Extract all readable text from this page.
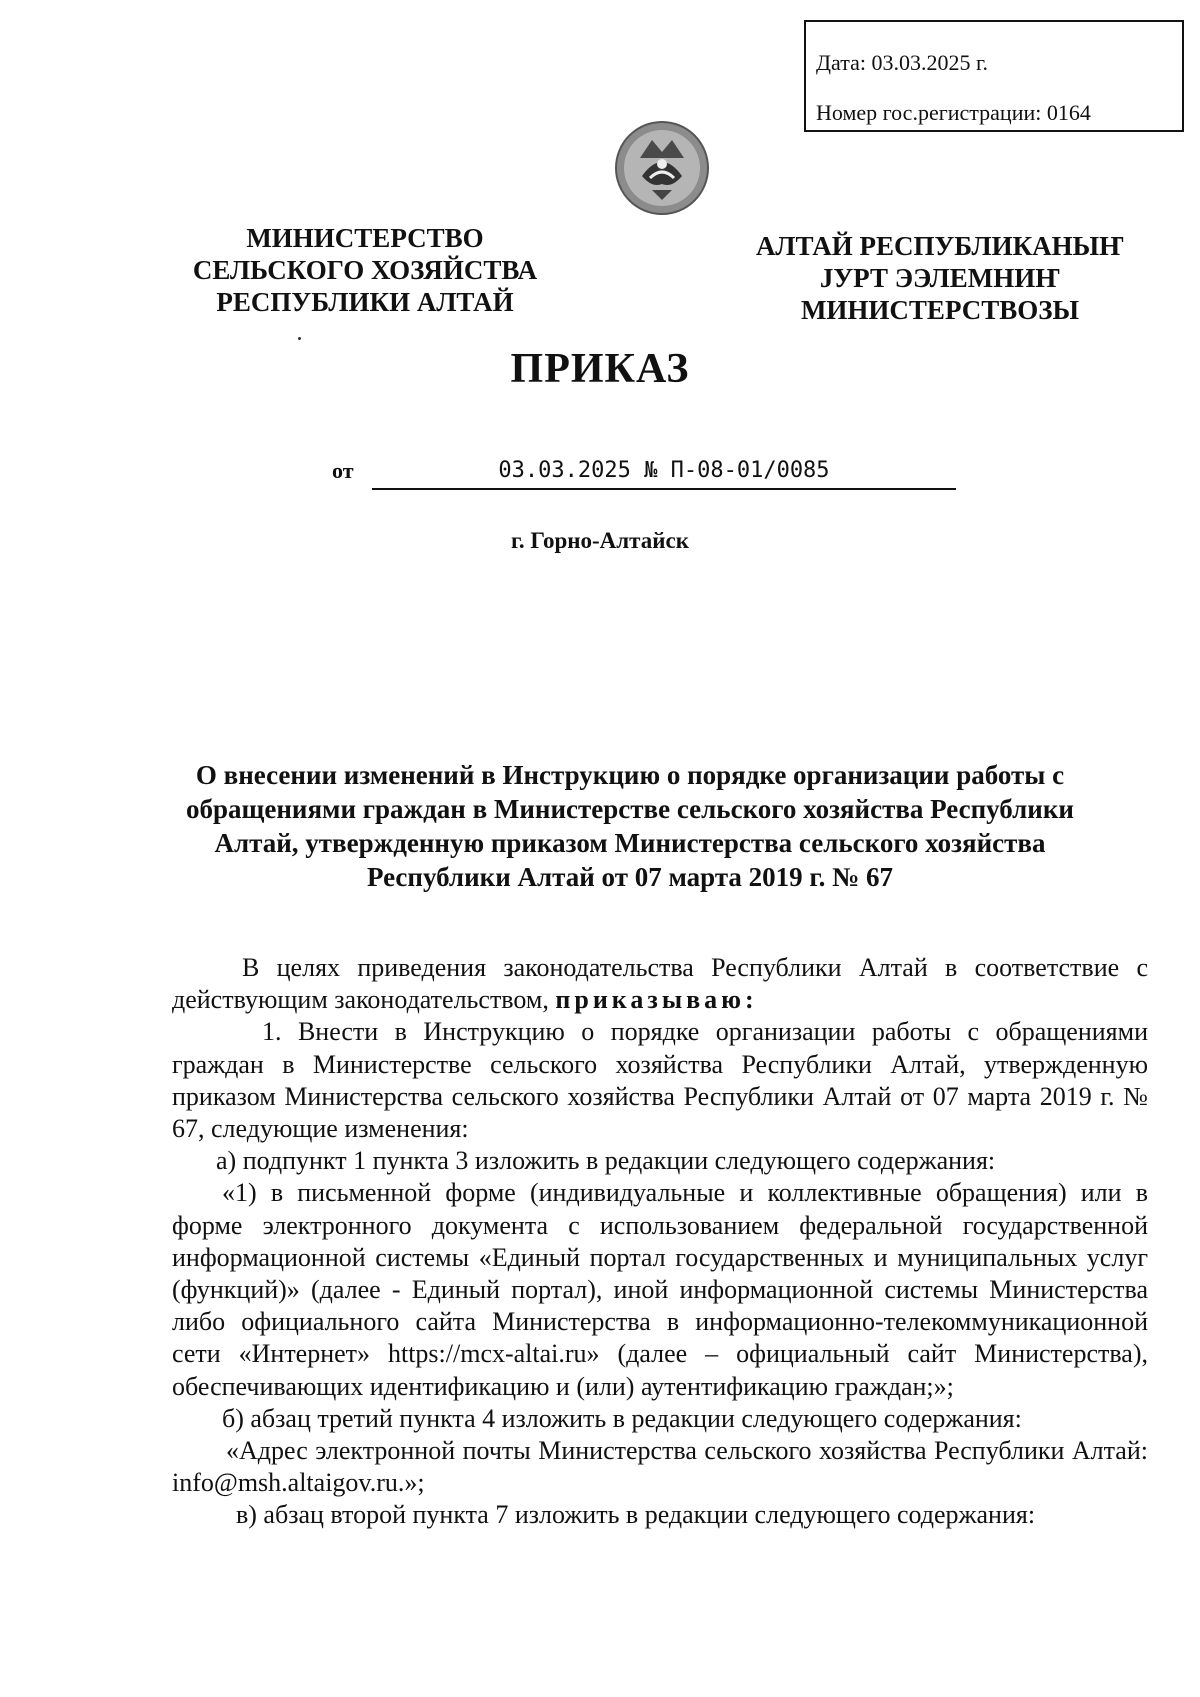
Дата: 03.03.2025 г.
Номер гос.регистрации: 0164
МИНИСТЕРСТВО
СЕЛЬСКОГО ХОЗЯЙСТВА
РЕСПУБЛИКИ АЛТАЙ
АЛТАЙ РЕСПУБЛИКАНЫҤ
ЈУРТ ЭЭЛЕМНИҤ
МИНИСТЕРСТВОЗЫ
ПРИКАЗ
от	03.03.2025 № П-08-01/0085
г. Горно-Алтайск
О внесении изменений в Инструкцию о порядке организации работы с обращениями граждан в Министерстве сельского хозяйства Республики Алтай, утвержденную приказом Министерства сельского хозяйства Республики Алтай от 07 марта 2019 г. № 67

В целях приведения законодательства Республики Алтай в соответствие с действующим законодательством, приказываю:

1. Внести в Инструкцию о порядке организации работы с обращениями граждан в Министерстве сельского хозяйства Республики Алтай, утвержденную приказом Министерства сельского хозяйства Республики Алтай от 07 марта 2019 г. № 67, следующие изменения:

а) подпункт 1 пункта 3 изложить в редакции следующего содержания:

«1) в письменной форме (индивидуальные и коллективные обращения) или в форме электронного документа с использованием федеральной государственной информационной системы «Единый портал государственных и муниципальных услуг (функций)» (далее - Единый портал), иной информационной системы Министерства либо официального сайта Министерства в информационно-телекоммуникационной сети «Интернет» https://mcx-altai.ru» (далее – официальный сайт Министерства), обеспечивающих идентификацию и (или) аутентификацию граждан;»;

б) абзац третий пункта 4 изложить в редакции следующего содержания:

«Адрес электронной почты Министерства сельского хозяйства Республики Алтай: info@msh.altaigov.ru.»;

в) абзац второй пункта 7 изложить в редакции следующего содержания:
